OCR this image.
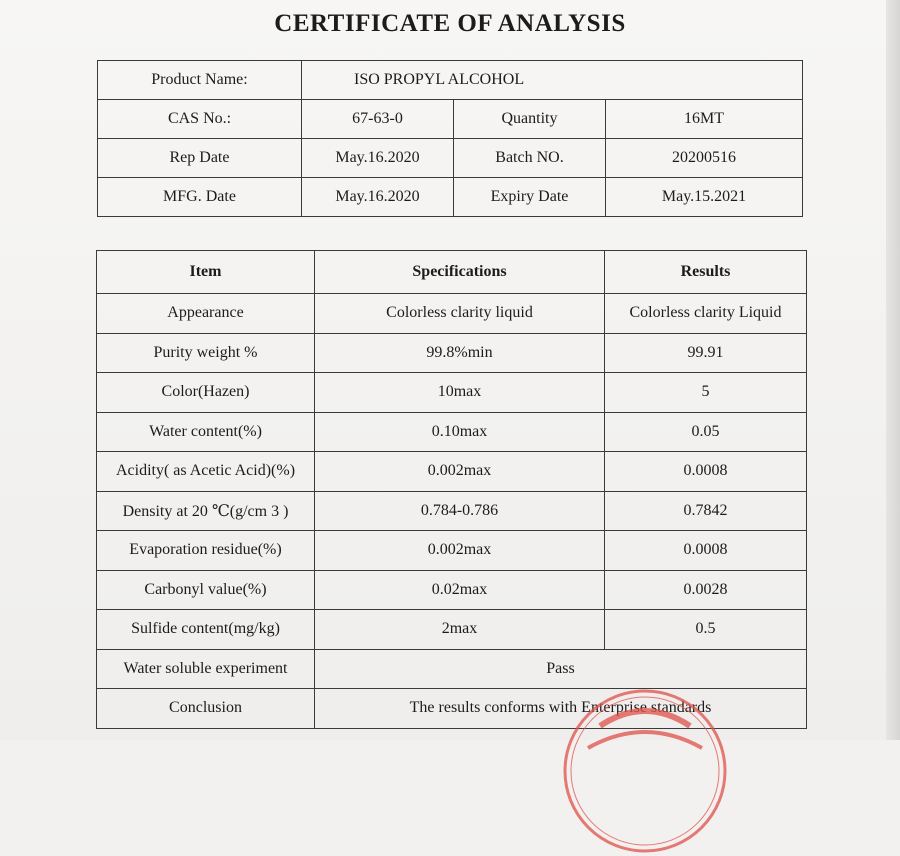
CERTIFICATE OF ANALYSIS
Product Name:	ISO PROPYL ALCOHOL		
CAS No.:	67-63-0	Quantity	16MT
Rep Date	May.16.2020	Batch NO.	20200516
MFG. Date	May.16.2020	Expiry Date	May.15.2021
Item	Specifications	Results
Appearance	Colorless clarity liquid	Colorless clarity Liquid
Purity weight %	99.8%min	99.91
Color(Hazen)	10max	5
Water content(%)	0.10max	0.05
Acidity( as Acetic Acid)(%)	0.002max	0.0008
Density at 20 ℃(g/cm 3 )	0.784-0.786	0.7842
Evaporation residue(%)	0.002max	0.0008
Carbonyl value(%)	0.02max	0.0028
Sulfide content(mg/kg)	2max	0.5
Water soluble experiment	Pass	
Conclusion	The results conforms with Enterprise standards	
